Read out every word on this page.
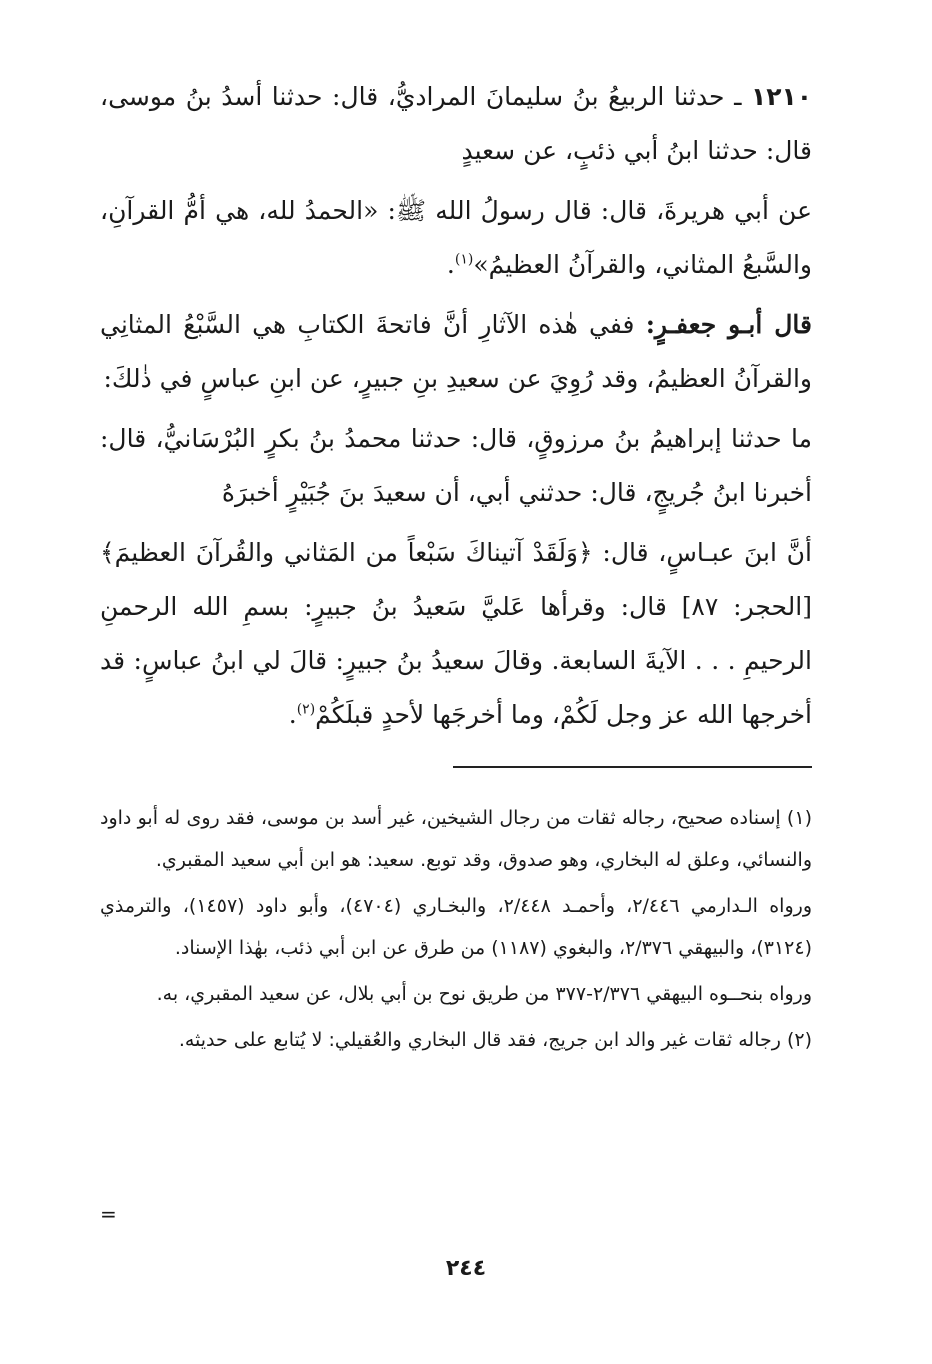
١٢١٠ ـ حدثنا الربيعُ بنُ سليمانَ المراديُّ، قال: حدثنا أسدُ بنُ موسى، قال: حدثنا ابنُ أبي ذئبٍ، عن سعيدٍ

عن أبي هريرةَ، قال: قال رسولُ الله ﷺ: «الحمدُ لله، هي أمُّ القرآنِ، والسَّبعُ المثاني، والقرآنُ العظيمُ»$^{(١)}$.

قال أبـو جعفـرٍ: ففي هٰذه الآثارِ أنَّ فاتحةَ الكتابِ هي السَّبْعُ المثانِي والقرآنُ العظيمُ، وقد رُوِيَ عن سعيدِ بنِ جبيرٍ، عن ابنِ عباسٍ في ذٰلكَ:

ما حدثنا إبراهيمُ بنُ مرزوقٍ، قال: حدثنا محمدُ بنُ بكرٍ البُرْسَانيُّ، قال: أخبرنا ابنُ جُريجٍ، قال: حدثني أبي، أن سعيدَ بنَ جُبَيْرٍ أخبرَهُ

أنَّ ابنَ عبـاسٍ، قال: ﴿وَلَقَدْ آتيناكَ سَبْعاً من المَثاني والقُرآنَ العظيمَ﴾ [الحجر: ٨٧] قال: وقرأها عَليَّ سَعيدُ بنُ جبيرٍ: بسمِ الله الرحمنِ الرحيمِ . . . الآيةَ السابعة. وقالَ سعيدُ بنُ جبيرٍ: قالَ لي ابنُ عباسٍ: قد أخرجها الله عز وجل لَكُمْ، وما أخرجَها لأحدٍ قبلَكُمْ$^{(٢)}$.

(١) إسناده صحيح، رجاله ثقات من رجال الشيخين، غير أسد بن موسى، فقد روى له أبو داود والنسائي، وعلق له البخاري، وهو صدوق، وقد توبع. سعيد: هو ابن أبي سعيد المقبري.

ورواه الـدارمي ٢/٤٤٦، وأحمـد ٢/٤٤٨، والبخـاري (٤٧٠٤)، وأبو داود (١٤٥٧)، والترمذي (٣١٢٤)، والبيهقي ٢/٣٧٦، والبغوي (١١٨٧) من طرق عن ابن أبي ذئب، بهٰذا الإسناد.

ورواه بنحــوه البيهقي ٢/٣٧٦-٣٧٧ من طريق نوح بن أبي بلال، عن سعيد المقبري، به.

(٢) رجاله ثقات غير والد ابن جريج، فقد قال البخاري والعُقيلي: لا يُتابع على حديثه.

=
٢٤٤
